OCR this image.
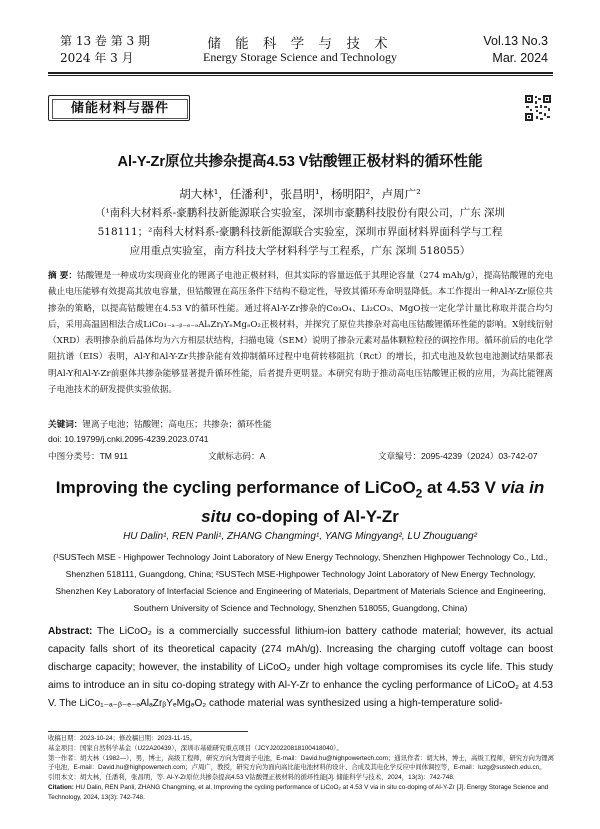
第 13 卷 第 3 期
2024 年 3 月
储 能 科 学 与 技 术
Energy Storage Science and Technology
Vol.13 No.3
Mar. 2024
储能材料与器件
Al-Y-Zr原位共掺杂提高4.53 V钴酸锂正极材料的循环性能
胡大林¹，任潘利¹，张昌明¹，杨明阳²，卢周广²
（¹南科大材料系-豪鹏科技新能源联合实验室，深圳市豪鹏科技股份有限公司，广东 深圳
518111；²南科大材料系-豪鹏科技新能源联合实验室，深圳市界面材料界面科学与工程
应用重点实验室，南方科技大学材料科学与工程系，广东 深圳 518055）
摘 要：钴酸锂是一种成功实现商业化的锂离子电池正极材料，但其实际的容量远低于其理论容量（274 mAh/g），提高钴酸锂的充电截止电压能够有效提高其放电容量，但钴酸锂在高压条件下结构不稳定性，导致其循环寿命明显降低。本工作提出一种Al-Y-Zr原位共掺杂的策略，以提高钴酸锂在4.53 V的循环性能。通过将Al-Y-Zr掺杂的Co₃O₄、Li₂CO₃、MgO按一定化学计量比称取并混合均匀后，采用高温固相法合成LiCo₁₋ₐ₋ᵦ₋ₑ₋ₔAlₐZrᵦYₑMgₔO₂正极材料，并探究了原位共掺杂对高电压钴酸锂循环性能的影响。X射线衍射（XRD）表明掺杂前后晶体均为六方相层状结构，扫描电镜（SEM）说明了掺杂元素对晶体颗粒粒径的调控作用。循环前后的电化学阻抗谱（EIS）表明，Al-Y和Al-Y-Zr共掺杂能有效抑制循环过程中电荷转移阻抗（Rct）的增长，扣式电池及软包电池测试结果都表明Al-Y和Al-Y-Zr前驱体共掺杂能够显著提升循环性能，后者提升更明显。本研究有助于推动高电压钴酸锂正极的应用，为高比能锂离子电池技术的研发提供实验依据。
关键词：锂离子电池；钴酸锂；高电压；共掺杂；循环性能
doi: 10.19799/j.cnki.2095-4239.2023.0741
中图分类号：TM 911	文献标志码：A	文章编号：2095-4239（2024）03-742-07
Improving the cycling performance of LiCoO$_2$ at 4.53 V via in
situ co-doping of Al-Y-Zr
HU Dalin¹, REN Panli¹, ZHANG Changming¹, YANG Mingyang², LU Zhouguang²
(¹SUSTech MSE - Highpower Technology Joint Laboratory of New Energy Technology, Shenzhen Highpower Technology Co., Ltd., Shenzhen 518111, Guangdong, China; ²SUSTech MSE-Highpower Technology Joint Laboratory of New Energy Technology, Shenzhen Key Laboratory of Interfacial Science and Engineering of Materials, Department of Materials Science and Engineering, Southern University of Science and Technology, Shenzhen 518055, Guangdong, China)
Abstract: The LiCoO₂ is a commercially successful lithium-ion battery cathode material; however, its actual capacity falls short of its theoretical capacity (274 mAh/g). Increasing the charging cutoff voltage can boost discharge capacity; however, the instability of LiCoO₂ under high voltage compromises its cycle life. This study aims to introduce an in situ co-doping strategy with Al-Y-Zr to enhance the cycling performance of LiCoO₂ at 4.53 V. The LiCo₁₋ₐ₋ᵦ₋ₑ₋ₔAlₐZrᵦYₑMgₔO₂ cathode material was synthesized using a high-temperature solid-
收稿日期：2023-10-24；修改稿日期：2023-11-15。
基金项目：国家自然科学基金（U22A20439），深圳市基础研究重点项目（JCYJ20220818100418040）。
第一作者：胡大林（1982—），男，博士，高级工程师，研究方向为锂离子电池，E-mail：David.hu@highpowertech.com；通讯作者：胡大林，博士，高级工程师，研究方向为锂离子电池，E-mail：David.hu@highpowertech.com；卢周广，教授，研究方向为面向高比能电池材料的设计、合成及其电化学反应中间体调控等，E-mail：luzg@sustech.edu.cn。
引用本文：胡大林，任潘利，张昌明，等. Al-Y-Zr原位共掺杂提高4.53 V钴酸锂正极材料的循环性能[J]. 储能科学与技术，2024，13(3)：742-748.
Citation: HU Dalin, REN Panli, ZHANG Changming, et al. Improving the cycling performance of LiCoO₂ at 4.53 V via in situ co-doping of Al-Y-Zr [J]. Energy Storage Science and Technology, 2024, 13(3): 742-748.
